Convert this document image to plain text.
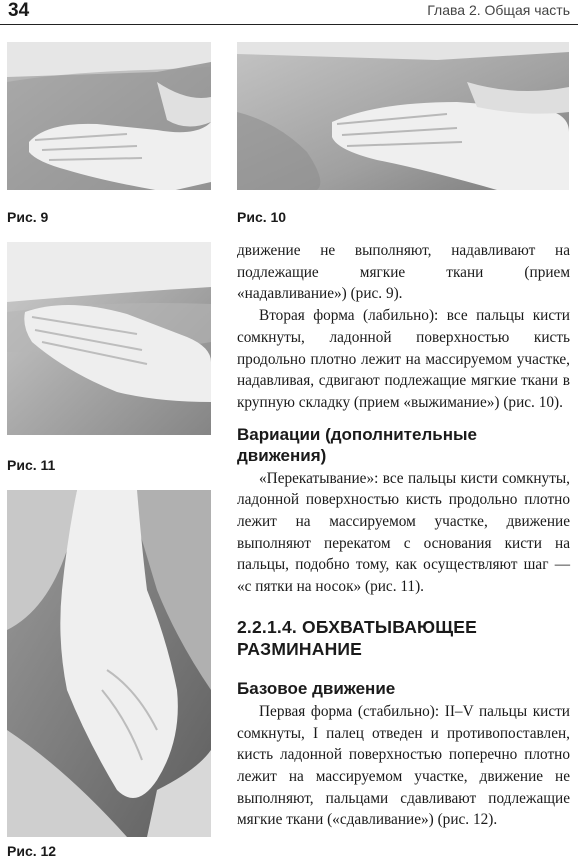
34	Глава 2. Общая часть
Рис. 9	Рис. 10
Рис. 11
Рис. 12

движение не выполняют, надавливают на подлежащие мягкие ткани (прием «надавливание») (рис. 9).

Вторая форма (лабильно): все пальцы кисти сомкнуты, ладонной поверхностью кисть продольно плотно лежит на массируемом участке, надавливая, сдвигают подлежащие мягкие ткани в крупную складку (прием «выжимание») (рис. 10).

Вариации (дополнительные движения)

«Перекатывание»: все пальцы кисти сомкнуты, ладонной поверхностью кисть продольно плотно лежит на массируемом участке, движение выполняют перекатом с основания кисти на пальцы, подобно тому, как осуществляют шаг — «с пятки на носок» (рис. 11).

2.2.1.4. ОБХВАТЫВАЮЩЕЕ РАЗМИНАНИЕ

Базовое движение

Первая форма (стабильно): II–V пальцы кисти сомкнуты, I палец отведен и противопоставлен, кисть ладонной поверхностью поперечно плотно лежит на массируемом участке, движение не выполняют, пальцами сдавливают подлежащие мягкие ткани («сдавливание») (рис. 12).
